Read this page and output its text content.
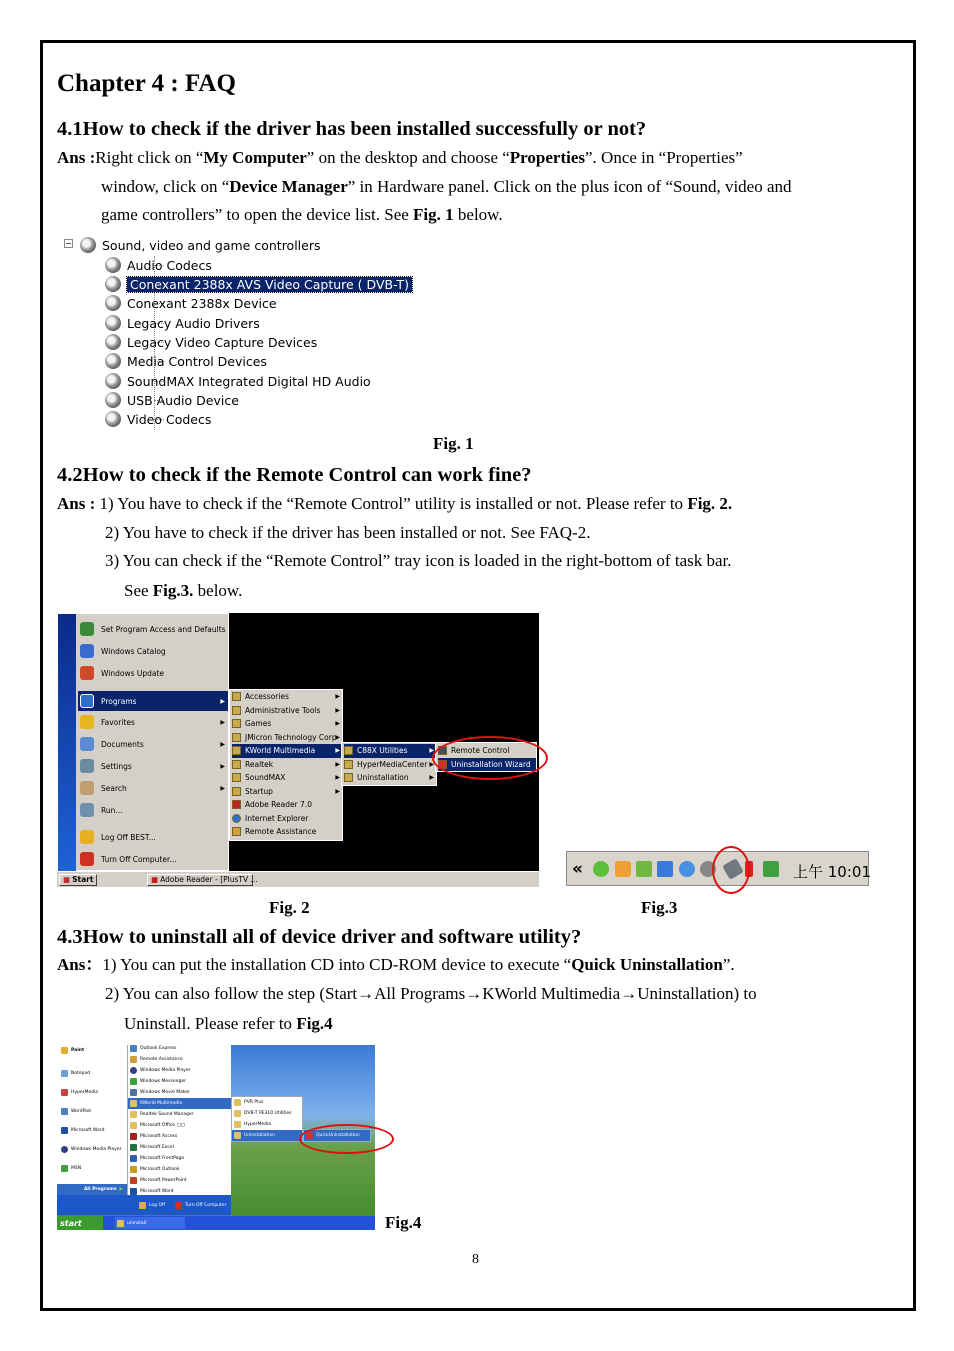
Chapter 4 : FAQ
4.1How to check if the driver has been installed successfully or not?
Ans :Right click on “My Computer” on the desktop and choose “Properties”. Once in “Properties”
window, click on “Device Manager” in Hardware panel. Click on the plus icon of “Sound, video and
game controllers” to open the device list. See Fig. 1 below.
− Sound, video and game controllers
Audio Codecs
Conexant 2388x AVS Video Capture ( DVB-T)
Conexant 2388x Device
Legacy Audio Drivers
Legacy Video Capture Devices
Media Control Devices
SoundMAX Integrated Digital HD Audio
USB Audio Device
Video Codecs
Fig. 1
4.2How to check if the Remote Control can work fine?
Ans : 1) You have to check if the “Remote Control” utility is installed or not. Please refer to Fig. 2.
2) You have to check if the driver has been installed or not. See FAQ-2.
3) You can check if the “Remote Control” tray icon is loaded in the right-bottom of task bar.
See Fig.3. below.
Windows XP Professional
Set Program Access and Defaults
Windows Catalog
Windows Update
Programs	▶
Favorites	▶
Documents	▶
Settings	▶
Search	▶
Run...
Log Off BEST...
Turn Off Computer...
Accessories	▶
Administrative Tools ▶
Games	▶
JMicron Technology Corp
▶
KWorld Multimedia	▶
Realtek	▶
SoundMAX	▶
Startup	▶
Adobe Reader 7.0
Internet Explorer
Remote Assistance
C88X Utilities	▶
HyperMediaCenter ▶
Uninstallation	▶
Remote Control
Uninstallation Wizard
■ Start	■ Adobe Reader - [PlusTV ...
«	上午 10:01
Fig. 2	Fig.3
4.3How to uninstall all of device driver and software utility?
Ans：1) You can put the installation CD into CD-ROM device to execute “Quick Uninstallation”.
2) You can also follow the step (Start→All Programs→KWorld Multimedia→Uninstallation) to
Uninstall. Please refer to Fig.4
Paint
Notepad
HyperMedia
WordPad
Microsoft Word
Windows Media Player
MSN
All Programs ▶
Outlook Express
Remote Assistance
Windows Media Player
Windows Messenger
Windows Movie Maker
KWorld Multimedia
Realtek Sound Manager
Microsoft Office □□
Microsoft Access
Microsoft Excel
Microsoft FrontPage
Microsoft Outlook
Microsoft PowerPoint
Microsoft Word
PVR Plus
DVB-T PE310 Utilities
HyperMedia
Uninstallation	QuickUninstallation
Log Off	Turn Off Computer
start	uninstall	Fig.4
8
